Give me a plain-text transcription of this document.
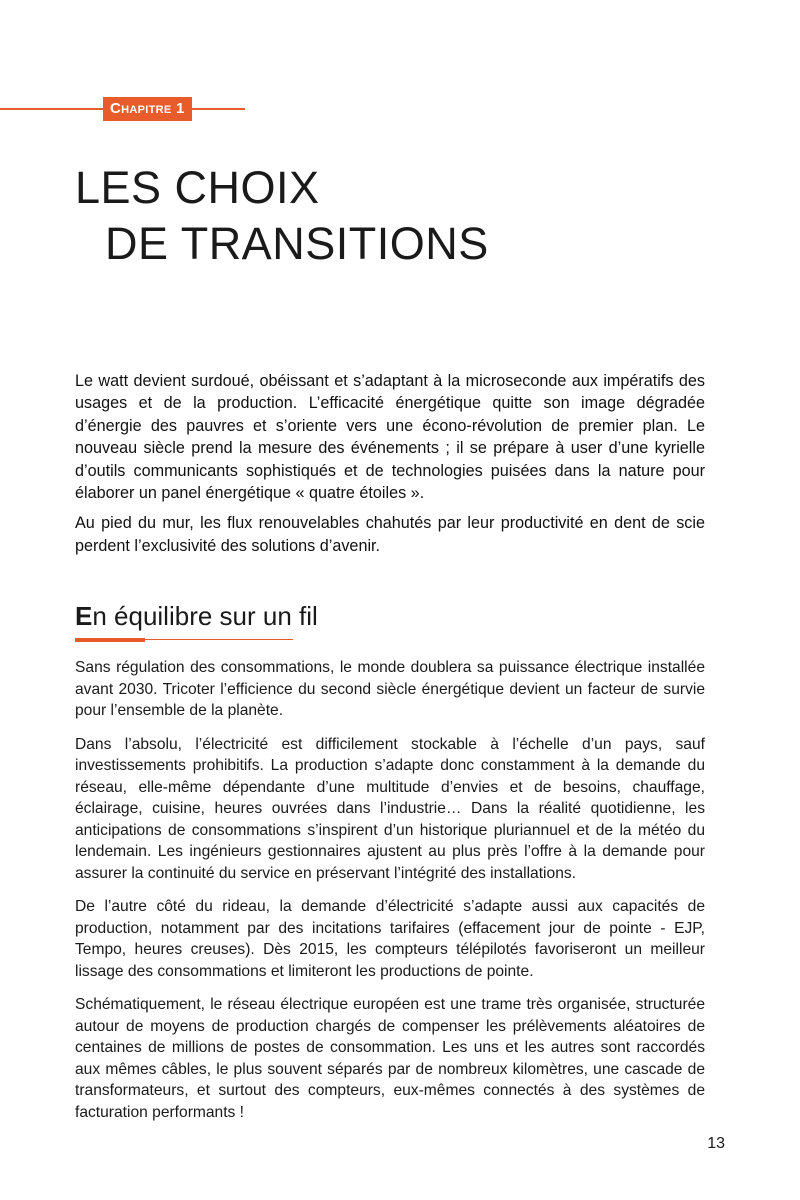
Chapitre 1
LES CHOIX
DE TRANSITIONS

Le watt devient surdoué, obéissant et s’adaptant à la microseconde aux impératifs des usages et de la production. L’efficacité énergétique quitte son image dégradée d’énergie des pauvres et s’oriente vers une écono-révolution de premier plan. Le nouveau siècle prend la mesure des événements ; il se prépare à user d’une kyrielle d’outils communicants sophistiqués et de technologies puisées dans la nature pour élaborer un panel énergétique « quatre étoiles ».

Au pied du mur, les flux renouvelables chahutés par leur productivité en dent de scie perdent l’exclusivité des solutions d’avenir.

En équilibre sur un fil

Sans régulation des consommations, le monde doublera sa puissance électrique installée avant 2030. Tricoter l’efficience du second siècle énergétique devient un facteur de survie pour l’ensemble de la planète.

Dans l’absolu, l’électricité est difficilement stockable à l’échelle d’un pays, sauf investissements prohibitifs. La production s’adapte donc constamment à la demande du réseau, elle-même dépendante d’une multitude d’envies et de besoins, chauffage, éclairage, cuisine, heures ouvrées dans l’industrie… Dans la réalité quotidienne, les anticipations de consommations s’inspirent d’un historique pluriannuel et de la météo du lendemain. Les ingénieurs gestionnaires ajustent au plus près l’offre à la demande pour assurer la continuité du service en préservant l’intégrité des installations.

De l’autre côté du rideau, la demande d’électricité s’adapte aussi aux capacités de production, notamment par des incitations tarifaires (effacement jour de pointe - EJP, Tempo, heures creuses). Dès 2015, les compteurs télépilotés favoriseront un meilleur lissage des consommations et limiteront les productions de pointe.

Schématiquement, le réseau électrique européen est une trame très organisée, structurée autour de moyens de production chargés de compenser les prélèvements aléatoires de centaines de millions de postes de consommation. Les uns et les autres sont raccordés aux mêmes câbles, le plus souvent séparés par de nombreux kilomètres, une cascade de transformateurs, et surtout des compteurs, eux-mêmes connectés à des systèmes de facturation performants !

13
